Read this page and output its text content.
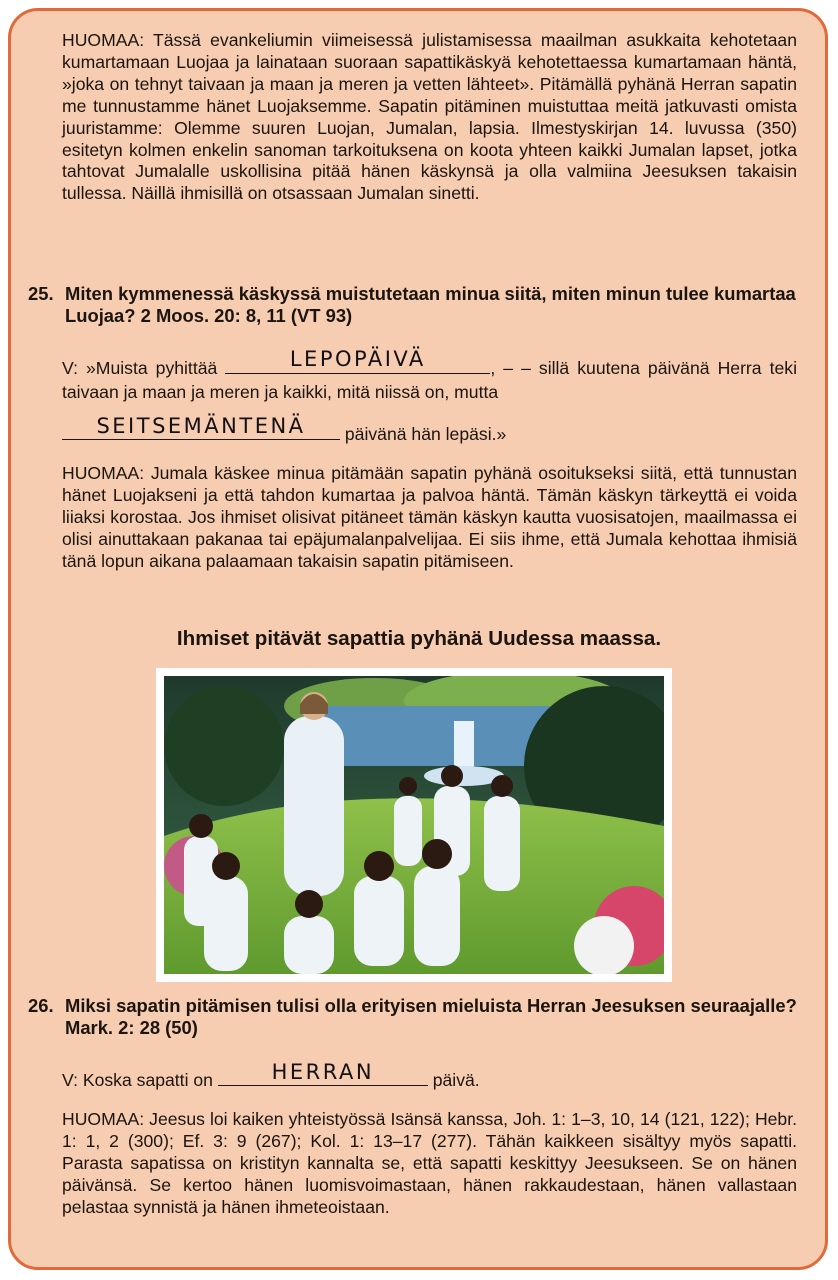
HUOMAA: Tässä evankeliumin viimeisessä julistamisessa maailman asukkaita kehotetaan kumartamaan Luojaa ja lainataan suoraan sapattikäskyä kehotettaessa kumartamaan häntä, »joka on tehnyt taivaan ja maan ja meren ja vetten lähteet». Pitämällä pyhänä Herran sapatin me tunnustamme hänet Luojaksemme. Sapatin pitäminen muistuttaa meitä jatkuvasti omista juuristamme: Olemme suuren Luojan, Jumalan, lapsia. Ilmestyskirjan 14. luvussa (350) esitetyn kolmen enkelin sanoman tarkoituksena on koota yhteen kaikki Jumalan lapset, jotka tahtovat Jumalalle uskollisina pitää hänen käskynsä ja olla valmiina Jeesuksen takaisin tullessa. Näillä ihmisillä on otsassaan Jumalan sinetti.

25. Miten kymmenessä käskyssä muistutetaan minua siitä, miten minun tulee kumartaa Luojaa? 2 Moos. 20: 8, 11 (VT 93)

V: »Muista pyhittää	LEPOPÄIVÄ	, – – sillä kuutena päivänä Herra teki taivaan ja maan ja meren ja kaikki, mitä niissä on, mutta

SEITSEMÄNTENÄ	päivänä hän lepäsi.»

HUOMAA: Jumala käskee minua pitämään sapatin pyhänä osoitukseksi siitä, että tunnustan hänet Luojakseni ja että tahdon kumartaa ja palvoa häntä. Tämän käskyn tärkeyttä ei voida liiaksi korostaa. Jos ihmiset olisivat pitäneet tämän käskyn kautta vuosisatojen, maailmassa ei olisi ainuttakaan pakanaa tai epäjumalanpalvelijaa. Ei siis ihme, että Jumala kehottaa ihmisiä tänä lopun aikana palaamaan takaisin sapatin pitämiseen.

Ihmiset pitävät sapattia pyhänä Uudessa maassa.

26. Miksi sapatin pitämisen tulisi olla erityisen mieluista Herran Jeesuksen seuraajalle? Mark. 2: 28 (50)
V: Koska sapatti on	HERRAN	päivä.

HUOMAA: Jeesus loi kaiken yhteistyössä Isänsä kanssa, Joh. 1: 1–3, 10, 14 (121, 122); Hebr. 1: 1, 2 (300); Ef. 3: 9 (267); Kol. 1: 13–17 (277). Tähän kaikkeen sisältyy myös sapatti. Parasta sapatissa on kristityn kannalta se, että sapatti keskittyy Jeesukseen. Se on hänen päivänsä. Se kertoo hänen luomisvoimastaan, hänen rakkaudestaan, hänen vallastaan pelastaa synnistä ja hänen ihmeteoistaan.
